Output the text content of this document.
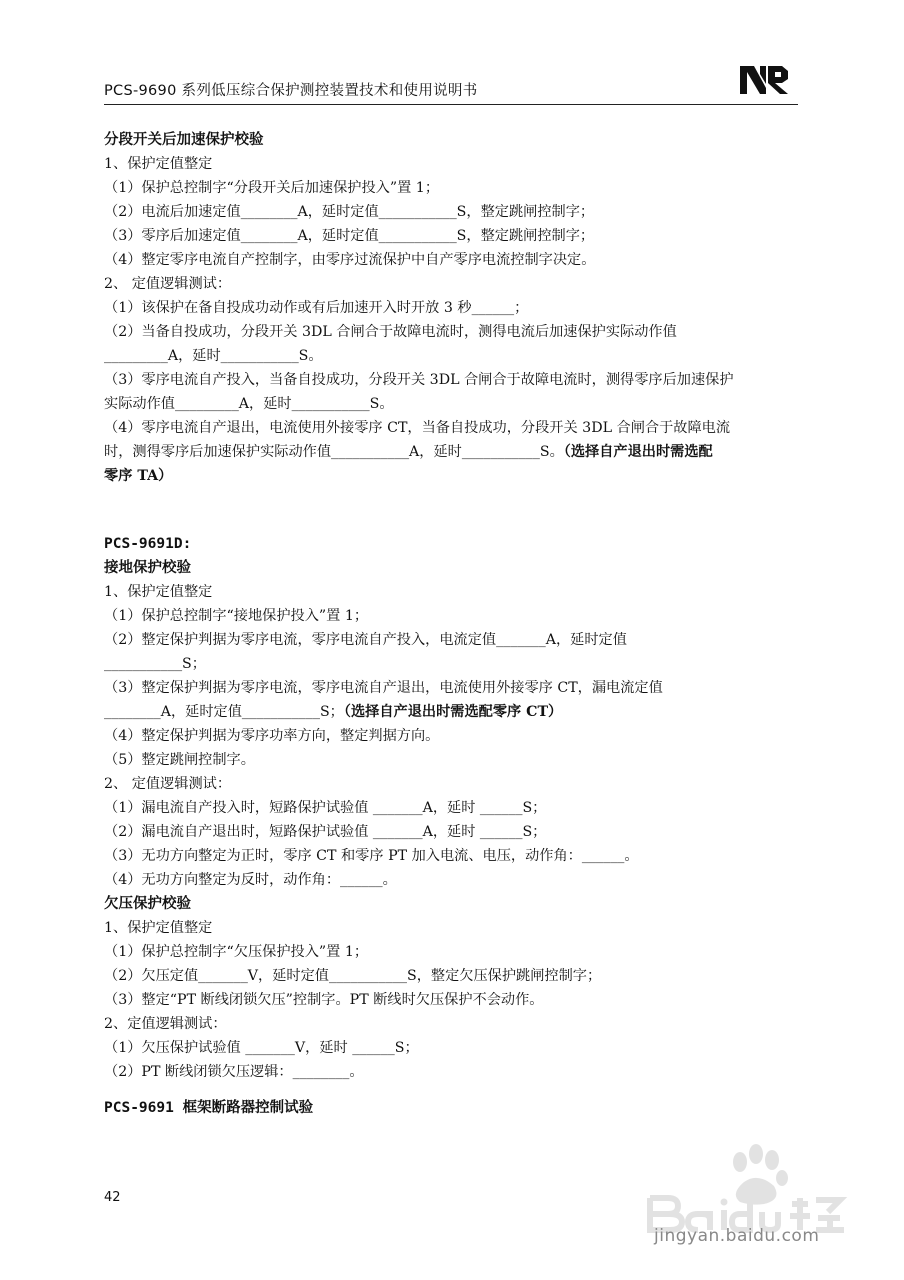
PCS-9690 系列低压综合保护测控装置技术和使用说明书
分段开关后加速保护校验
1、保护定值整定
（1）保护总控制字“分段开关后加速保护投入”置 1；
（2）电流后加速定值________A，延时定值___________S，整定跳闸控制字；
（3）零序后加速定值________A，延时定值___________S，整定跳闸控制字；
（4）整定零序电流自产控制字，由零序过流保护中自产零序电流控制字决定。
2、 定值逻辑测试：
（1）该保护在备自投成功动作或有后加速开入时开放 3 秒______；
（2）当备自投成功，分段开关 3DL 合闸合于故障电流时，测得电流后加速保护实际动作值
_________A，延时___________S。
（3）零序电流自产投入，当备自投成功，分段开关 3DL 合闸合于故障电流时，测得零序后加速保护
实际动作值_________A，延时___________S。
（4）零序电流自产退出，电流使用外接零序 CT，当备自投成功，分段开关 3DL 合闸合于故障电流
时，测得零序后加速保护实际动作值___________A，延时___________S。（选择自产退出时需选配
零序 TA）
PCS-9691D:
接地保护校验
1、保护定值整定
（1）保护总控制字“接地保护投入”置 1；
（2）整定保护判据为零序电流，零序电流自产投入，电流定值_______A，延时定值
___________S；
（3）整定保护判据为零序电流，零序电流自产退出，电流使用外接零序 CT，漏电流定值
________A，延时定值___________S；（选择自产退出时需选配零序 CT）
（4）整定保护判据为零序功率方向，整定判据方向。
（5）整定跳闸控制字。
2、 定值逻辑测试：
（1）漏电流自产投入时，短路保护试验值 _______A，延时 ______S；
（2）漏电流自产退出时，短路保护试验值 _______A，延时 ______S；
（3）无功方向整定为正时，零序 CT 和零序 PT 加入电流、电压，动作角：______。
（4）无功方向整定为反时，动作角：______。
欠压保护校验
1、保护定值整定
（1）保护总控制字“欠压保护投入”置 1；
（2）欠压定值_______V，延时定值___________S，整定欠压保护跳闸控制字；
（3）整定“PT 断线闭锁欠压”控制字。PT 断线时欠压保护不会动作。
2、定值逻辑测试：
（1）欠压保护试验值 _______V，延时 ______S；
（2）PT 断线闭锁欠压逻辑：________。
PCS-9691 框架断路器控制试验
42
jingyan.baidu.com
